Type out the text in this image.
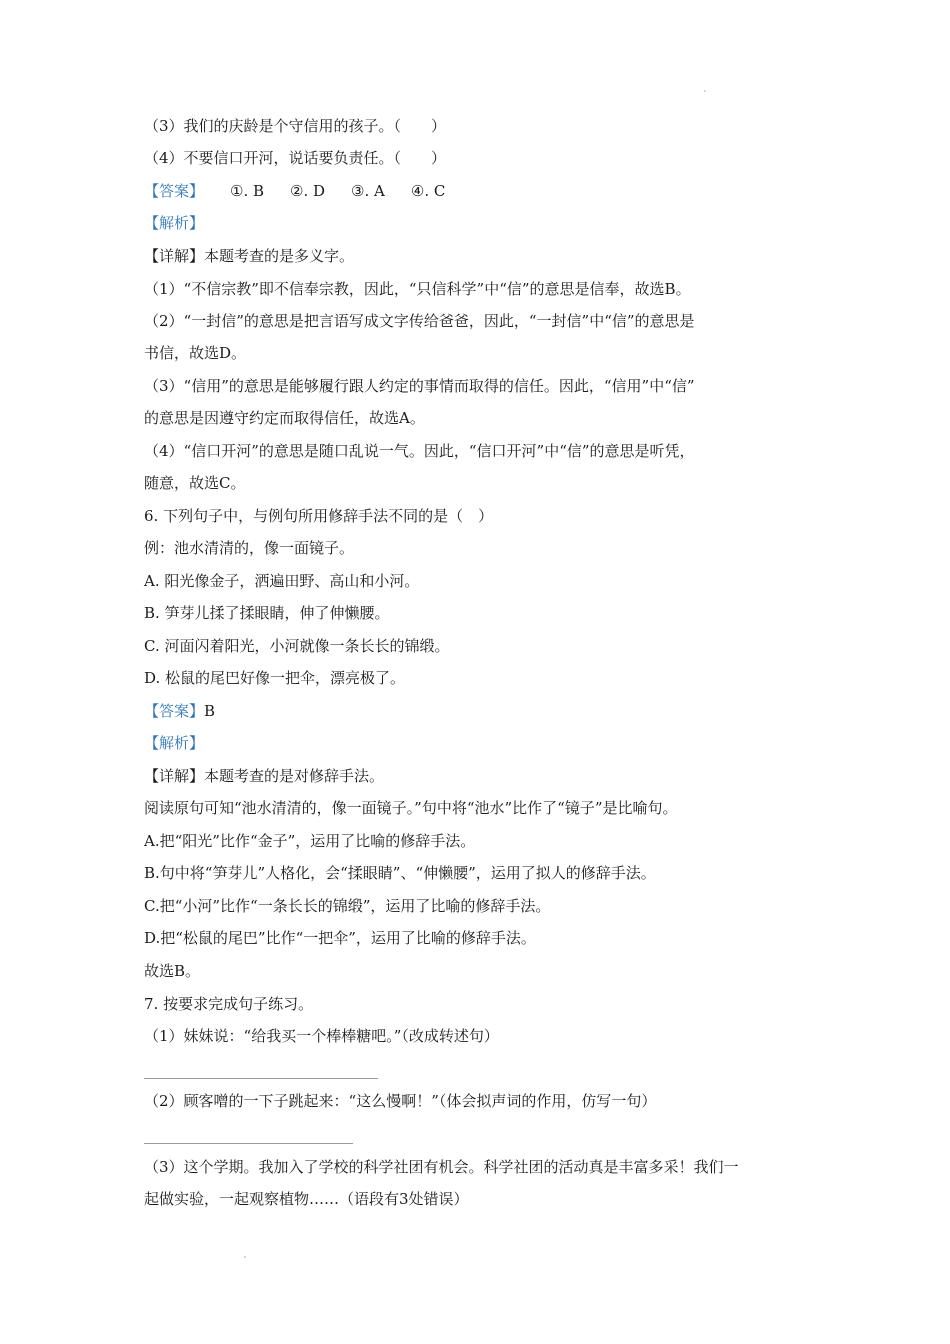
（3）我们的庆龄是个守信用的孩子。（　　）
（4）不要信口开河，说话要负责任。（　　）
【答案】 ①. B ②. D ③. A ④. C
【解析】
【详解】本题考查的是多义字。
（1）“不信宗教”即不信奉宗教，因此，“只信科学”中“信”的意思是信奉，故选B。
（2）“一封信”的意思是把言语写成文字传给爸爸，因此，“一封信”中“信”的意思是
书信，故选D。
（3）“信用”的意思是能够履行跟人约定的事情而取得的信任。因此，“信用”中“信”
的意思是因遵守约定而取得信任，故选A。
（4）“信口开河”的意思是随口乱说一气。因此，“信口开河”中“信”的意思是听凭，
随意，故选C。
6. 下列句子中，与例句所用修辞手法不同的是（　）
例：池水清清的，像一面镜子。
A. 阳光像金子，洒遍田野、高山和小河。
B. 笋芽儿揉了揉眼睛，伸了伸懒腰。
C. 河面闪着阳光，小河就像一条长长的锦缎。
D. 松鼠的尾巴好像一把伞，漂亮极了。
【答案】B
【解析】
【详解】本题考查的是对修辞手法。
阅读原句可知“池水清清的，像一面镜子。”句中将“池水”比作了“镜子”是比喻句。
A.把“阳光”比作“金子”，运用了比喻的修辞手法。
B.句中将“笋芽儿”人格化，会“揉眼睛”、“伸懒腰”，运用了拟人的修辞手法。
C.把“小河”比作“一条长长的锦缎”，运用了比喻的修辞手法。
D.把“松鼠的尾巴”比作“一把伞”，运用了比喻的修辞手法。
故选B。
7. 按要求完成句子练习。
（1）妹妹说：“给我买一个棒棒糖吧。”（改成转述句）
（2）顾客噌的一下子跳起来：“这么慢啊！”（体会拟声词的作用，仿写一句）
（3）这个学期。我加入了学校的科学社团有机会。科学社团的活动真是丰富多采！我们一
起做实验，一起观察植物……（语段有3处错误）
